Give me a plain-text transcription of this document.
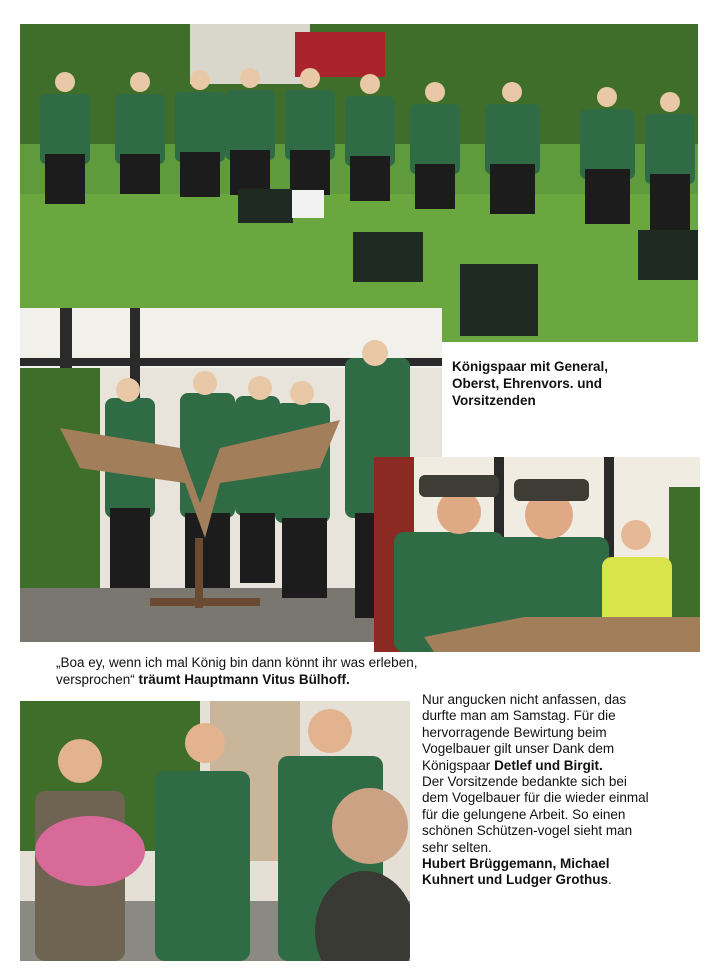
Königspaar mit General, Oberst, Ehrenvors. und Vorsitzenden
„Boa ey, wenn ich mal König bin dann könnt ihr was erleben,
versprochen“ träumt Hauptmann Vitus Bülhoff.
Nur angucken nicht anfassen, das durfte man am Samstag. Für die hervorragende Bewirtung beim Vogelbauer gilt unser Dank dem Königspaar Detlef und Birgit.
Der Vorsitzende bedankte sich bei dem Vogelbauer für die wieder einmal für die gelungene Arbeit. So einen schönen Schützen-vogel sieht man sehr selten.
Hubert Brüggemann, Michael Kuhnert und Ludger Grothus.
